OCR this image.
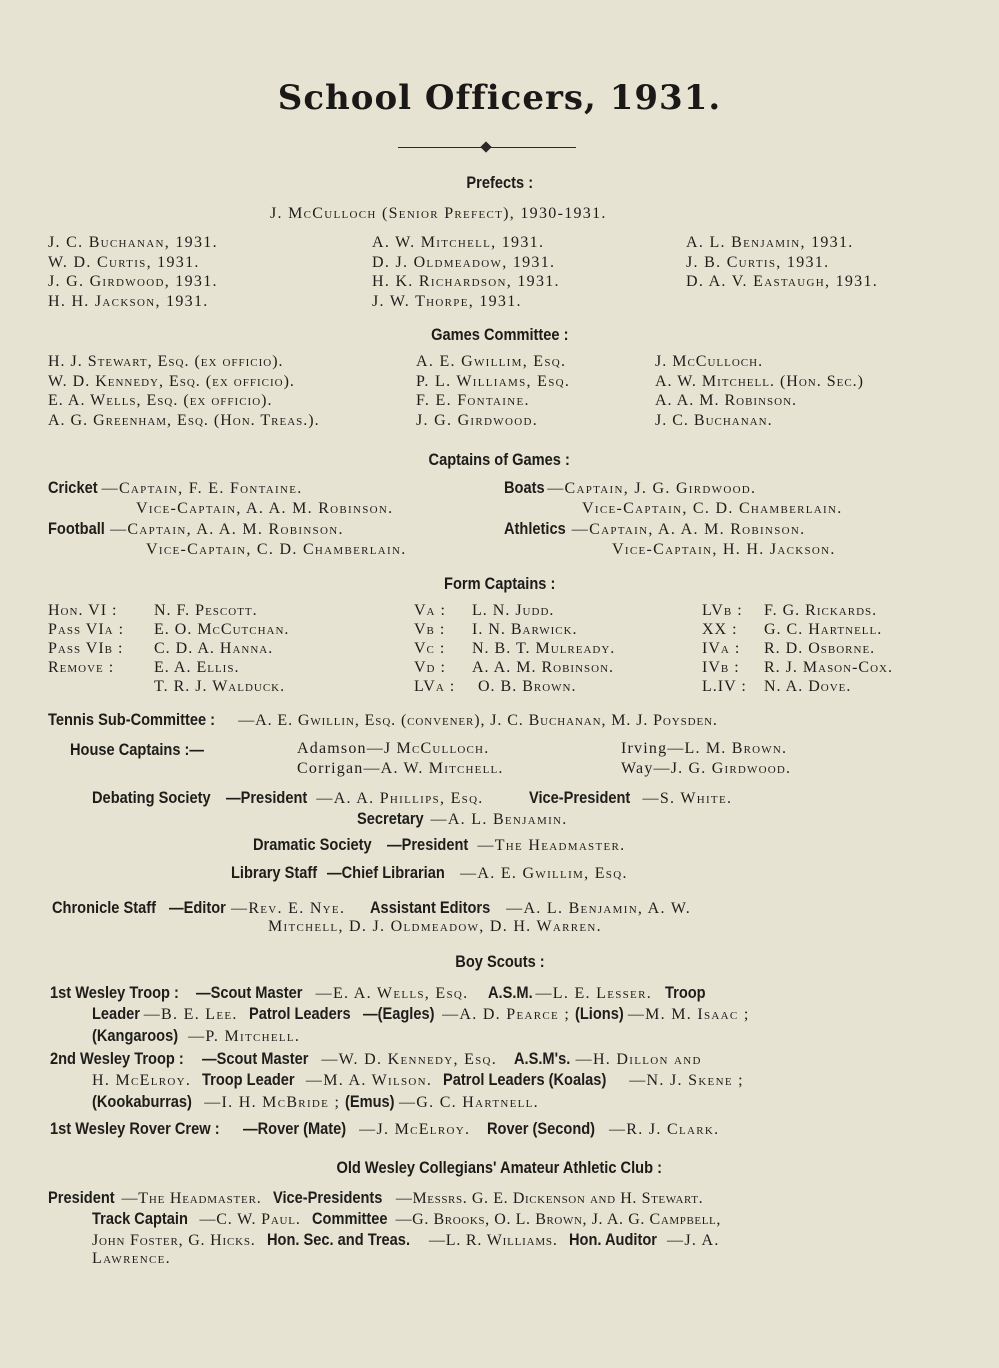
School Officers, 1931.
Prefects :
J. McCulloch (Senior Prefect), 1930-1931.
J. C. Buchanan, 1931.
W. D. Curtis, 1931.
J. G. Girdwood, 1931.
H. H. Jackson, 1931.
A. W. Mitchell, 1931.
D. J. Oldmeadow, 1931.
H. K. Richardson, 1931.
J. W. Thorpe, 1931.
A. L. Benjamin, 1931.
J. B. Curtis, 1931.
D. A. V. Eastaugh, 1931.
Games Committee :
H. J. Stewart, Esq. (ex officio).
W. D. Kennedy, Esq. (ex officio).
E. A. Wells, Esq. (ex officio).
A. G. Greenham, Esq. (Hon. Treas.).
A. E. Gwillim, Esq.
P. L. Williams, Esq.
F. E. Fontaine.
J. G. Girdwood.
J. McCulloch.
A. W. Mitchell. (Hon. Sec.)
A. A. M. Robinson.
J. C. Buchanan.
Captains of Games :
Cricket —Captain, F. E. Fontaine.
Vice-Captain, A. A. M. Robinson.
Football —Captain, A. A. M. Robinson.
Vice-Captain, C. D. Chamberlain.
Boats —Captain, J. G. Girdwood.
Vice-Captain, C. D. Chamberlain.
Athletics —Captain, A. A. M. Robinson.
Vice-Captain, H. H. Jackson.
Form Captains :
Hon. VI : N. F. Pescott.
Pass VIa : E. O. McCutchan.
Pass VIb : C. D. A. Hanna.
Remove : E. A. Ellis.
T. R. J. Walduck.
Va : L. N. Judd.
Vb : I. N. Barwick.
Vc : N. B. T. Mulready.
Vd : A. A. M. Robinson.
LVa : O. B. Brown.
LVb : F. G. Rickards.
XX : G. C. Hartnell.
IVa : R. D. Osborne.
IVb : R. J. Mason-Cox.
L.IV : N. A. Dove.
Tennis Sub-Committee : —A. E. Gwillin, Esq. (convener), J. C. Buchanan, M. J. Poysden.
House Captains :—	Adamson—J McCulloch.
Corrigan—A. W. Mitchell.
Irving—L. M. Brown.
Way—J. G. Girdwood.
Debating Society —President —A. A. Phillips, Esq.	Vice-President —S. White.
Secretary —A. L. Benjamin.
Dramatic Society —President —The Headmaster.
Library Staff —Chief Librarian —A. E. Gwillim, Esq.
Chronicle Staff —Editor —Rev. E. Nye. Assistant Editors —A. L. Benjamin, A. W.
Mitchell, D. J. Oldmeadow, D. H. Warren.
Boy Scouts :
1st Wesley Troop : —Scout Master —E. A. Wells, Esq. A.S.M. —L. E. Lesser. Troop
Leader —B. E. Lee. Patrol Leaders —(Eagles) —A. D. Pearce ; (Lions) —M. M. Isaac ;
(Kangaroos) —P. Mitchell.
2nd Wesley Troop : —Scout Master —W. D. Kennedy, Esq. A.S.M's. —H. Dillon and
H. McElroy. Troop Leader —M. A. Wilson. Patrol Leaders (Koalas) —N. J. Skene ;
(Kookaburras) —I. H. McBride ; (Emus) —G. C. Hartnell.
1st Wesley Rover Crew : —Rover (Mate) —J. McElroy. Rover (Second) —R. J. Clark.
Old Wesley Collegians' Amateur Athletic Club :
President —The Headmaster. Vice-Presidents —Messrs. G. E. Dickenson and H. Stewart.
Track Captain —C. W. Paul. Committee —G. Brooks, O. L. Brown, J. A. G. Campbell,
John Foster, G. Hicks. Hon. Sec. and Treas. —L. R. Williams. Hon. Auditor —J. A.
Lawrence.
